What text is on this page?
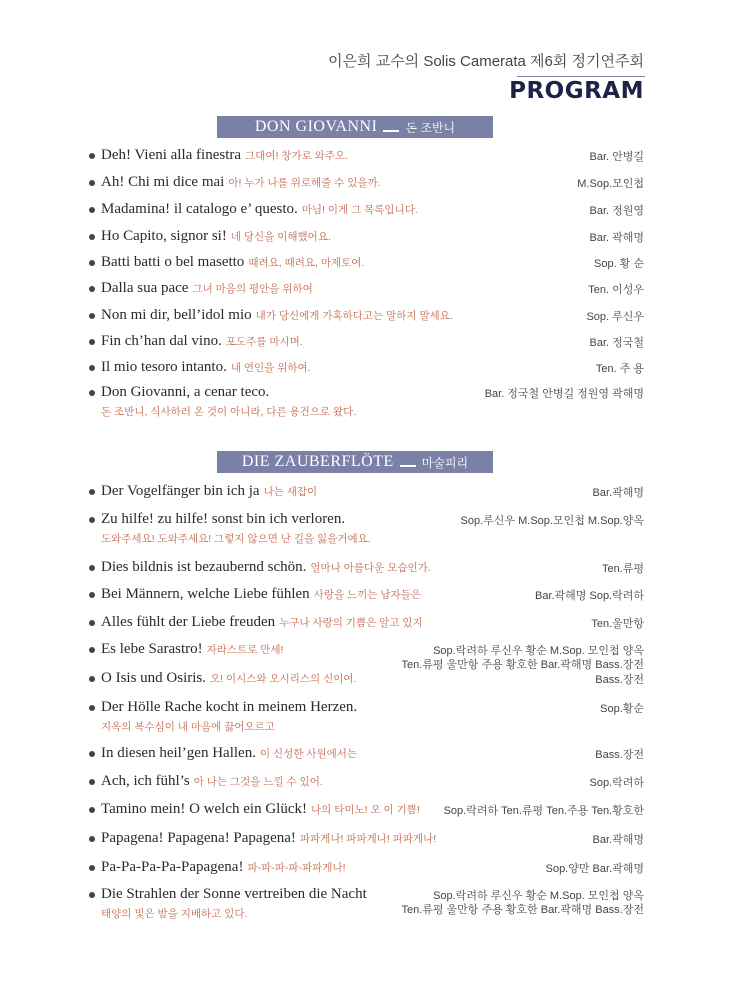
이은희 교수의 Solis Camerata 제6회 정기연주회
PROGRAM
DON GIOVANNI 돈 조반니
Deh! Vieni alla finestra 그대여! 창가로 와주오.	Bar. 안병길
Ah! Chi mi dice mai 아! 누가 나를 위로해줄 수 있을까.	M.Sop.모인첩
Madamina! il catalogo e’ questo. 마님! 이게 그 목록입니다.	Bar. 정원영
Ho Capito, signor si! 네 당신을 이해했어요.	Bar. 곽해명
Batti batti o bel masetto 때려요, 때려요, 마제토여.	Sop. 황 순
Dalla sua pace 그녀 마음의 평안을 위하여	Ten. 이성우
Non mi dir, bell’idol mio 내가 당신에게 가혹하다고는 말하지 말세요.	Sop. 루신우
Fin ch’han dal vino. 포도주를 마시며.	Bar. 정국철
Il mio tesoro intanto. 내 연인을 위하여.	Ten. 주 용
Don Giovanni, a cenar teco.	Bar. 정국철 안병길 정원영 곽해명
돈 조반니, 식사하러 온 것이 아니라, 다른 용건으로 왔다.
DIE ZAUBERFLÖTE 마술피리
Der Vogelfänger bin ich ja 나는 새잡이	Bar.곽해명
Zu hilfe! zu hilfe! sonst bin ich verloren.	Sop.루신우 M.Sop.모인첩 M.Sop.양옥
도와주세요! 도와주세요! 그렇지 않으면 난 길을 잃을거예요.
Dies bildnis ist bezaubernd schön. 얼마나 아름다운 모습인가.	Ten.류평
Bei Männern, welche Liebe fühlen 사랑을 느끼는 남자들은	Bar.곽해명 Sop.락려하
Alles fühlt der Liebe freuden 누구나 사랑의 기쁨은 알고 있지	Ten.울만항
Es lebe Sarastro! 자라스트로 만세!	Sop.락려하 루신우 황순 M.Sop. 모인첩 양옥
Ten.류평 울만항 주용 황호한 Bar.곽해명 Bass.장전
O Isis und Osiris. 오! 이시스와 오시리스의 신이여.	Bass.장전
Der Hölle Rache kocht in meinem Herzen.	Sop.황순
지옥의 복수심이 내 마음에 끓어오르고
In diesen heil’gen Hallen. 이 신성한 사원에서는	Bass.장전
Ach, ich fühl’s 아 나는 그것을 느낄 수 있어.	Sop.락려하
Tamino mein! O welch ein Glück! 나의 타미노! 오 이 기쁨! Sop.락려하 Ten.류평 Ten.주용 Ten.황호한
Papagena! Papagena! Papagena! 파파게나! 파파게나! 파파게나!	Bar.곽해명
Pa-Pa-Pa-Pa-Papagena! 파-파-파-파-파파게나!	Sop.양만 Bar.곽해명
Die Strahlen der Sonne vertreiben die Nacht	Sop.락려하 루신우 황순 M.Sop. 모인첩 양옥
Ten.류평 울만항 주용 황호한 Bar.곽해명 Bass.장전
태양의 빛은 밤을 지배하고 있다.
